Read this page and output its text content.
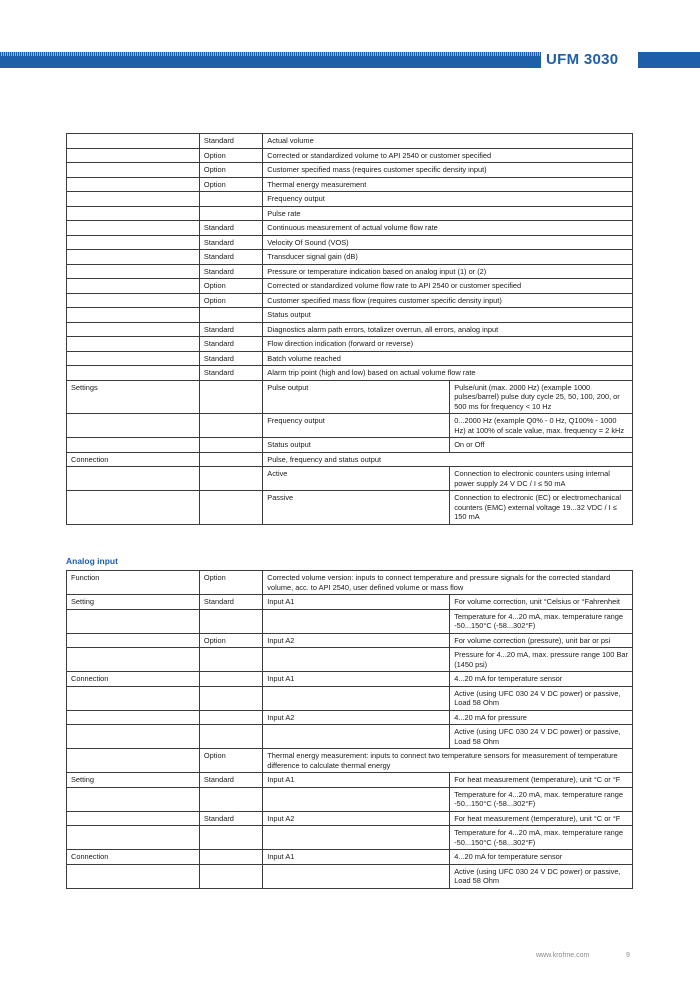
UFM 3030
	Standard	Actual volume	
	Option	Corrected or standardized volume to API 2540 or customer specified	
	Option	Customer specified mass (requires customer specific density input)	
	Option	Thermal energy measurement	
		Frequency output	
		Pulse rate	
	Standard	Continuous measurement of actual volume flow rate	
	Standard	Velocity Of Sound (VOS)	
	Standard	Transducer signal gain (dB)	
	Standard	Pressure or temperature indication based on analog input (1) or (2)	
	Option	Corrected or standardized volume flow rate to API 2540 or customer specified	
	Option	Customer specified mass flow (requires customer specific density input)	
		Status output	
	Standard	Diagnostics alarm path errors, totalizer overrun, all errors, analog input	
	Standard	Flow direction indication (forward or reverse)	
	Standard	Batch volume reached	
	Standard	Alarm trip point (high and low) based on actual volume flow rate	
Settings		Pulse output	Pulse/unit (max. 2000 Hz) (example 1000 pulses/barrel) pulse duty cycle 25, 50, 100, 200, or 500 ms for frequency < 10 Hz
		Frequency output	0...2000 Hz (example Q0% - 0 Hz, Q100% - 1000 Hz) at 100% of scale value, max. frequency = 2 kHz
		Status output	On or Off
Connection		Pulse, frequency and status output	
		Active	Connection to electronic counters using internal power supply 24 V DC / I ≤ 50 mA
		Passive	Connection to electronic (EC) or electromechanical counters (EMC) external voltage 19...32 VDC / I ≤ 150 mA
Analog input
Function	Option	Corrected volume version: inputs to connect temperature and pressure signals for the corrected standard volume, acc. to API 2540, user defined volume or mass flow	
Setting	Standard	Input A1	For volume correction, unit °Celsius or °Fahrenheit
			Temperature for 4...20 mA, max. temperature range -50...150°C (-58...302°F)
	Option	Input A2	For volume correction (pressure), unit bar or psi
			Pressure for 4...20 mA, max. pressure range 100 Bar (1450 psi)
Connection		Input A1	4...20 mA for temperature sensor
			Active (using UFC 030 24 V DC power) or passive, Load 58 Ohm
		Input A2	4...20 mA for pressure
			Active (using UFC 030 24 V DC power) or passive, Load 58 Ohm
	Option	Thermal energy measurement: inputs to connect two temperature sensors for measurement of temperature difference to calculate thermal energy	
Setting	Standard	Input A1	For heat measurement (temperature), unit °C or °F
			Temperature for 4...20 mA, max. temperature range -50...150°C (-58...302°F)
	Standard	Input A2	For heat measurement (temperature), unit °C or °F
			Temperature for 4...20 mA, max. temperature range -50...150°C (-58...302°F)
Connection		Input A1	4...20 mA for temperature sensor
			Active (using UFC 030 24 V DC power) or passive, Load 58 Ohm
www.krohne.com	9
